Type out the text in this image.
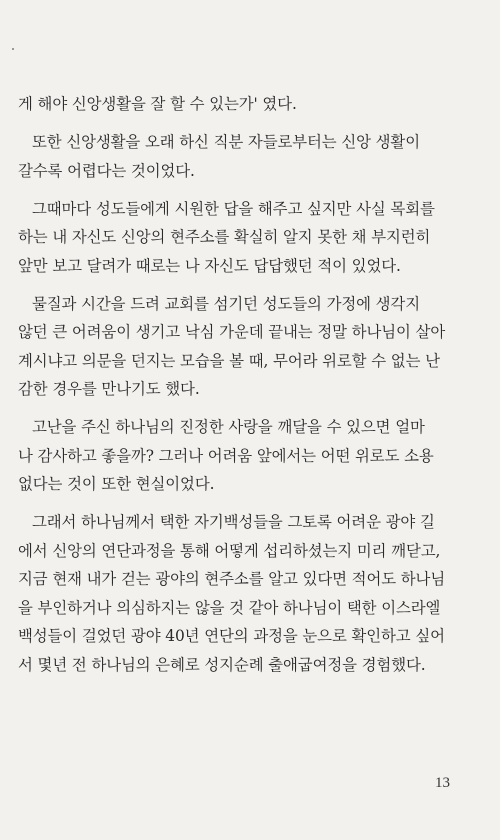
게 해야 신앙생활을 잘 할 수 있는가' 였다.
또한 신앙생활을 오래 하신 직분 자들로부터는 신앙 생활이
갈수록 어렵다는 것이었다.
그때마다 성도들에게 시원한 답을 해주고 싶지만 사실 목회를
하는 내 자신도 신앙의 현주소를 확실히 알지 못한 채 부지런히
앞만 보고 달려가 때로는 나 자신도 답답했던 적이 있었다.
물질과 시간을 드려 교회를 섬기던 성도들의 가정에 생각지
않던 큰 어려움이 생기고 낙심 가운데 끝내는 정말 하나님이 살아
계시냐고 의문을 던지는 모습을 볼 때, 무어라 위로할 수 없는 난
감한 경우를 만나기도 했다.
고난을 주신 하나님의 진정한 사랑을 깨달을 수 있으면 얼마
나 감사하고 좋을까? 그러나 어려움 앞에서는 어떤 위로도 소용
없다는 것이 또한 현실이었다.
그래서 하나님께서 택한 자기백성들을 그토록 어려운 광야 길
에서 신앙의 연단과정을 통해 어떻게 섭리하셨는지 미리 깨닫고,
지금 현재 내가 걷는 광야의 현주소를 알고 있다면 적어도 하나님
을 부인하거나 의심하지는 않을 것 같아 하나님이 택한 이스라엘
백성들이 걸었던 광야 40년 연단의 과정을 눈으로 확인하고 싶어
서 몇년 전 하나님의 은혜로 성지순례 출애굽여정을 경험했다.
13
